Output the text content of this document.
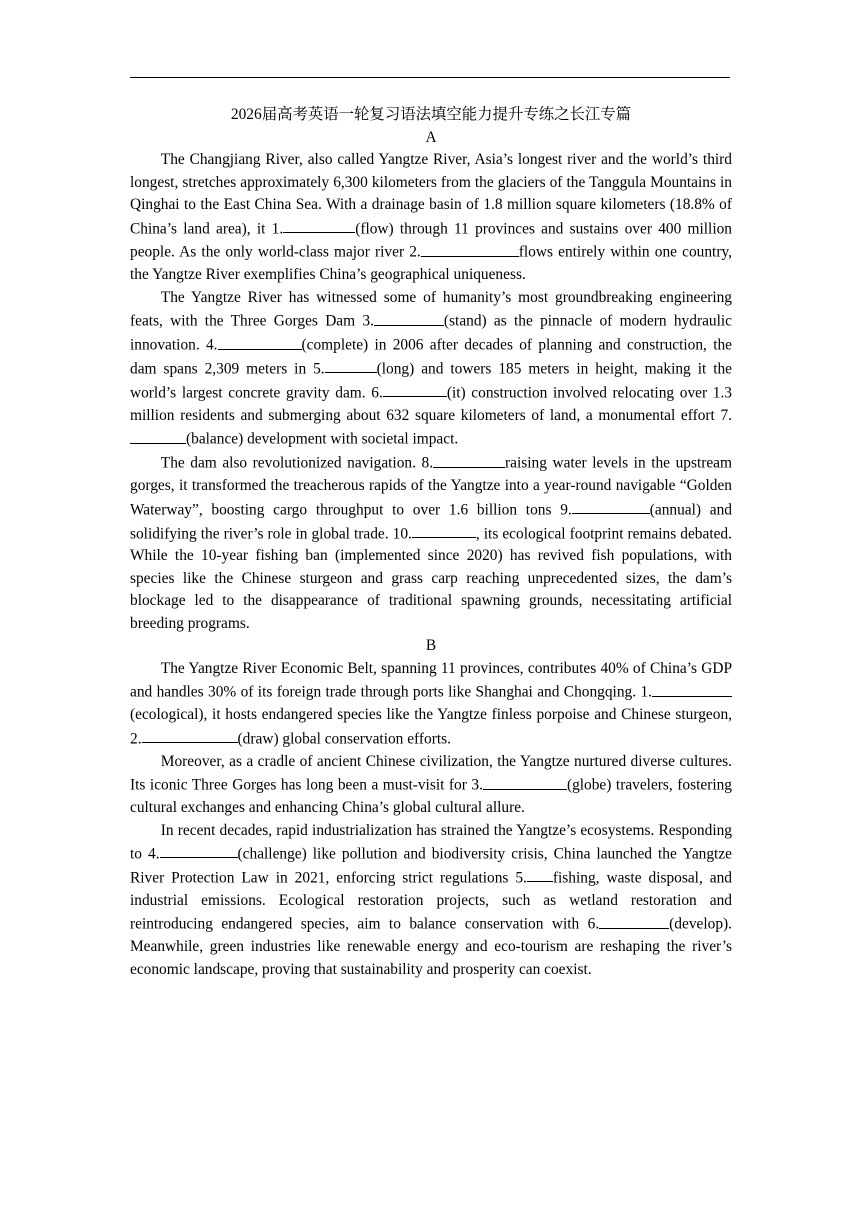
2026届高考英语一轮复习语法填空能力提升专练之长江专篇
A

The Changjiang River, also called Yangtze River, Asia’s longest river and the world’s third longest, stretches approximately 6,300 kilometers from the glaciers of the Tanggula Mountains in Qinghai to the East China Sea. With a drainage basin of 1.8 million square kilometers (18.8% of China’s land area), it 1.	(flow) through 11 provinces and sustains over 400 million people. As the only world-class major river 2.	flows entirely within one country, the Yangtze River exemplifies China’s geographical uniqueness.

The Yangtze River has witnessed some of humanity’s most groundbreaking engineering feats, with the Three Gorges Dam 3.	(stand) as the pinnacle of modern hydraulic innovation. 4.	(complete) in 2006 after decades of planning and construction, the dam spans 2,309 meters in 5.	(long) and towers 185 meters in height, making it the world’s largest concrete gravity dam. 6.	(it) construction involved relocating over 1.3 million residents and submerging about 632 square kilometers of land, a monumental effort 7.(balance) development with societal impact.

The dam also revolutionized navigation. 8.	raising water levels in the upstream gorges, it transformed the treacherous rapids of the Yangtze into a year-round navigable “Golden Waterway”, boosting cargo throughput to over 1.6 billion tons 9.	(annual) and solidifying the river’s role in global trade. 10.	, its ecological footprint remains debated. While the 10-year fishing ban (implemented since 2020) has revived fish populations, with species like the Chinese sturgeon and grass carp reaching unprecedented sizes, the dam’s blockage led to the disappearance of traditional spawning grounds, necessitating artificial breeding programs.

B

The Yangtze River Economic Belt, spanning 11 provinces, contributes 40% of China’s GDP and handles 30% of its foreign trade through ports like Shanghai and Chongqing. 1.(ecological), it hosts endangered species like the Yangtze finless porpoise and Chinese sturgeon, 2.	(draw) global conservation efforts.

Moreover, as a cradle of ancient Chinese civilization, the Yangtze nurtured diverse cultures. Its iconic Three Gorges has long been a must-visit for 3.	(globe) travelers, fostering cultural exchanges and enhancing China’s global cultural allure.

In recent decades, rapid industrialization has strained the Yangtze’s ecosystems. Responding to 4.	(challenge) like pollution and biodiversity crisis, China launched the Yangtze River Protection Law in 2021, enforcing strict regulations 5. fishing, waste disposal, and industrial emissions. Ecological restoration projects, such as wetland restoration and reintroducing endangered species, aim to balance conservation with 6.	(develop). Meanwhile, green industries like renewable energy and eco-tourism are reshaping the river’s economic landscape, proving that sustainability and prosperity can coexist.
